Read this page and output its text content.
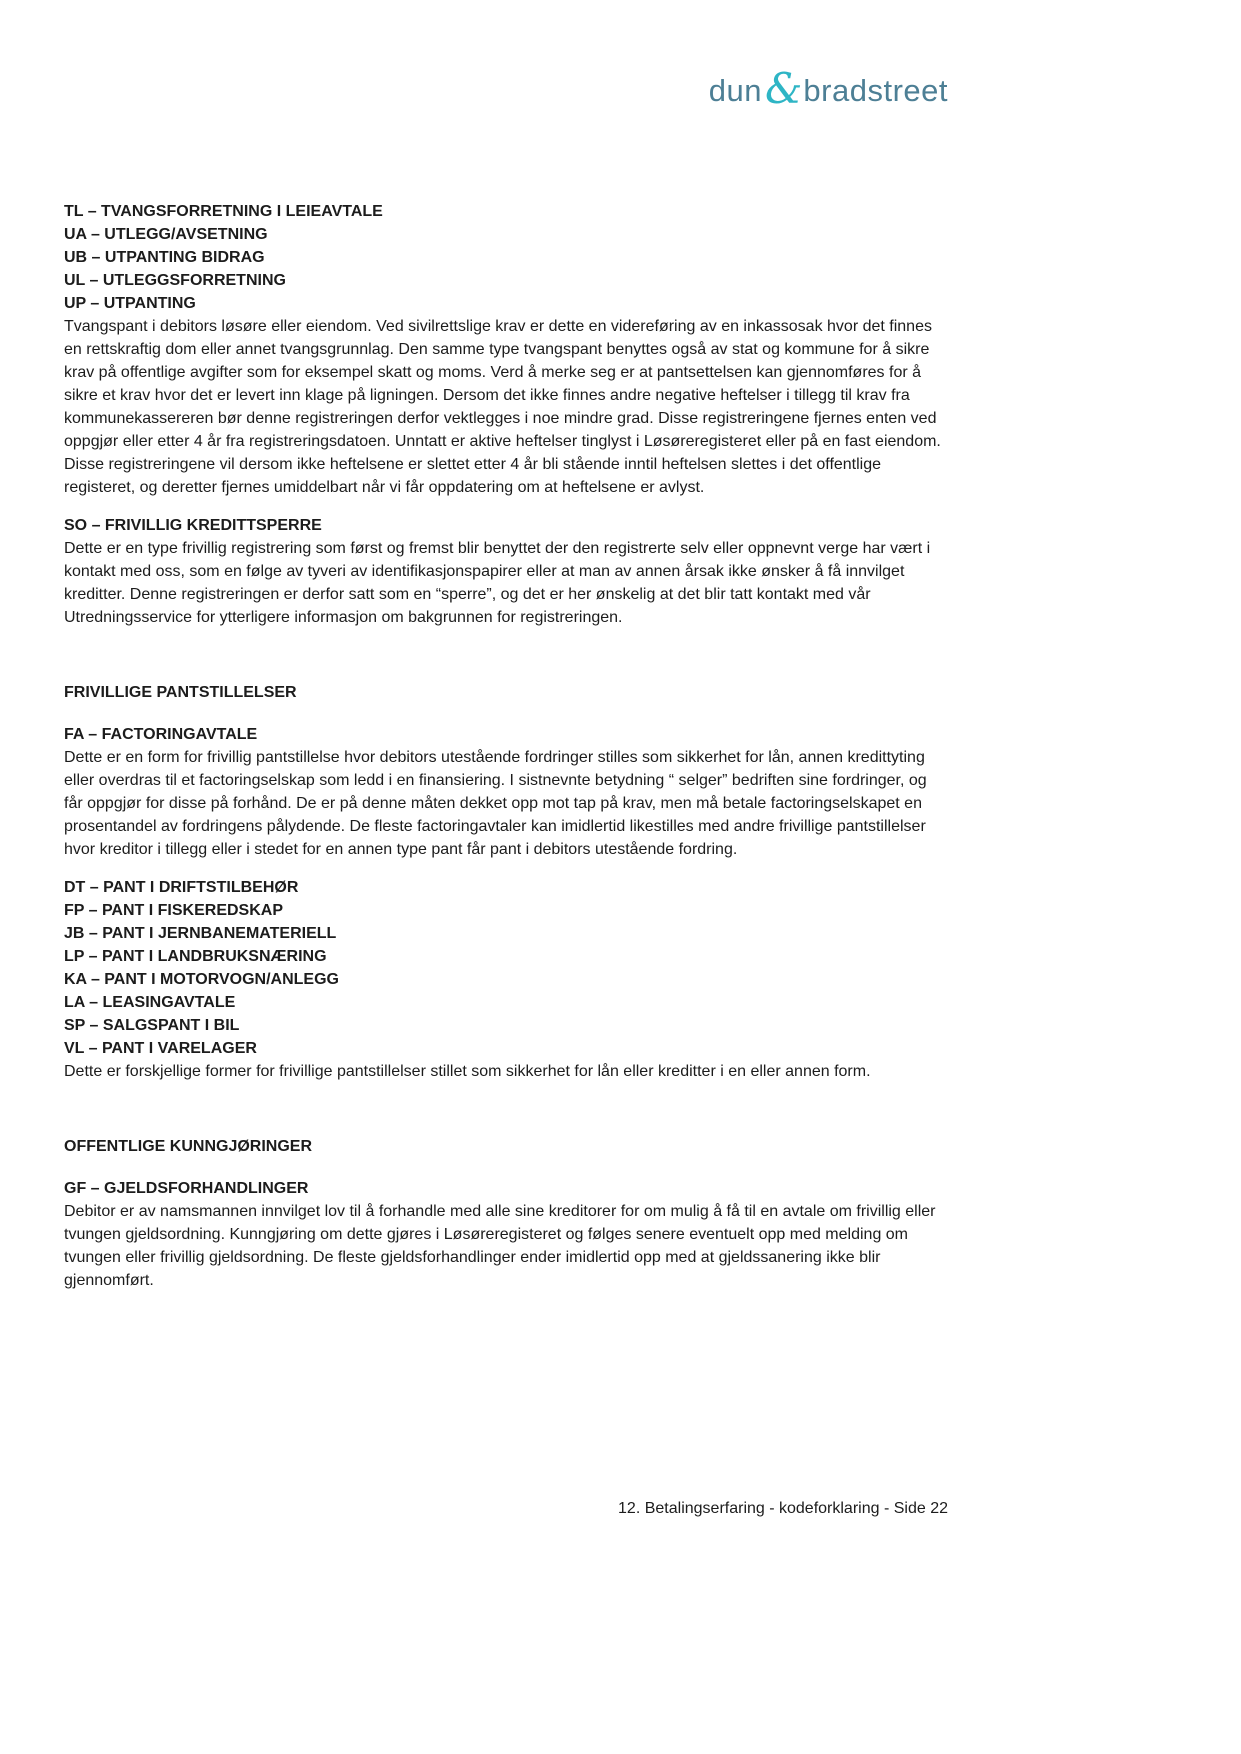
dun & bradstreet
TL – TVANGSFORRETNING I LEIEAVTALE
UA – UTLEGG/AVSETNING
UB – UTPANTING BIDRAG
UL – UTLEGGSFORRETNING
UP – UTPANTING

Tvangspant i debitors løsøre eller eiendom. Ved sivilrettslige krav er dette en videreføring av en inkassosak hvor det finnes en rettskraftig dom eller annet tvangsgrunnlag. Den samme type tvangspant benyttes også av stat og kommune for å sikre krav på offentlige avgifter som for eksempel skatt og moms. Verd å merke seg er at pantsettelsen kan gjennomføres for å sikre et krav hvor det er levert inn klage på ligningen. Dersom det ikke finnes andre negative heftelser i tillegg til krav fra kommunekassereren bør denne registreringen derfor vektlegges i noe mindre grad. Disse registreringene fjernes enten ved oppgjør eller etter 4 år fra registreringsdatoen. Unntatt er aktive heftelser tinglyst i Løsøreregisteret eller på en fast eiendom. Disse registreringene vil dersom ikke heftelsene er slettet etter 4 år bli stående inntil heftelsen slettes i det offentlige registeret, og deretter fjernes umiddelbart når vi får oppdatering om at heftelsene er avlyst.

SO – FRIVILLIG KREDITTSPERRE

Dette er en type frivillig registrering som først og fremst blir benyttet der den registrerte selv eller oppnevnt verge har vært i kontakt med oss, som en følge av tyveri av identifikasjonspapirer eller at man av annen årsak ikke ønsker å få innvilget kreditter. Denne registreringen er derfor satt som en “sperre”, og det er her ønskelig at det blir tatt kontakt med vår Utredningsservice for ytterligere informasjon om bakgrunnen for registreringen.

FRIVILLIGE PANTSTILLELSER
FA – FACTORINGAVTALE

Dette er en form for frivillig pantstillelse hvor debitors utestående fordringer stilles som sikkerhet for lån, annen kredittyting eller overdras til et factoringselskap som ledd i en finansiering. I sistnevnte betydning “ selger” bedriften sine fordringer, og får oppgjør for disse på forhånd. De er på denne måten dekket opp mot tap på krav, men må betale factoringselskapet en prosentandel av fordringens pålydende. De fleste factoringavtaler kan imidlertid likestilles med andre frivillige pantstillelser hvor kreditor i tillegg eller i stedet for en annen type pant får pant i debitors utestående fordring.

DT – PANT I DRIFTSTILBEHØR
FP – PANT I FISKEREDSKAP
JB – PANT I JERNBANEMATERIELL
LP – PANT I LANDBRUKSNÆRING
KA – PANT I MOTORVOGN/ANLEGG
LA – LEASINGAVTALE
SP – SALGSPANT I BIL
VL – PANT I VARELAGER

Dette er forskjellige former for frivillige pantstillelser stillet som sikkerhet for lån eller kreditter i en eller annen form.

OFFENTLIGE KUNNGJØRINGER
GF – GJELDSFORHANDLINGER

Debitor er av namsmannen innvilget lov til å forhandle med alle sine kreditorer for om mulig å få til en avtale om frivillig eller tvungen gjeldsordning. Kunngjøring om dette gjøres i Løsøreregisteret og følges senere eventuelt opp med melding om tvungen eller frivillig gjeldsordning. De fleste gjeldsforhandlinger ender imidlertid opp med at gjeldssanering ikke blir gjennomført.

12. Betalingserfaring - kodeforklaring - Side 22
